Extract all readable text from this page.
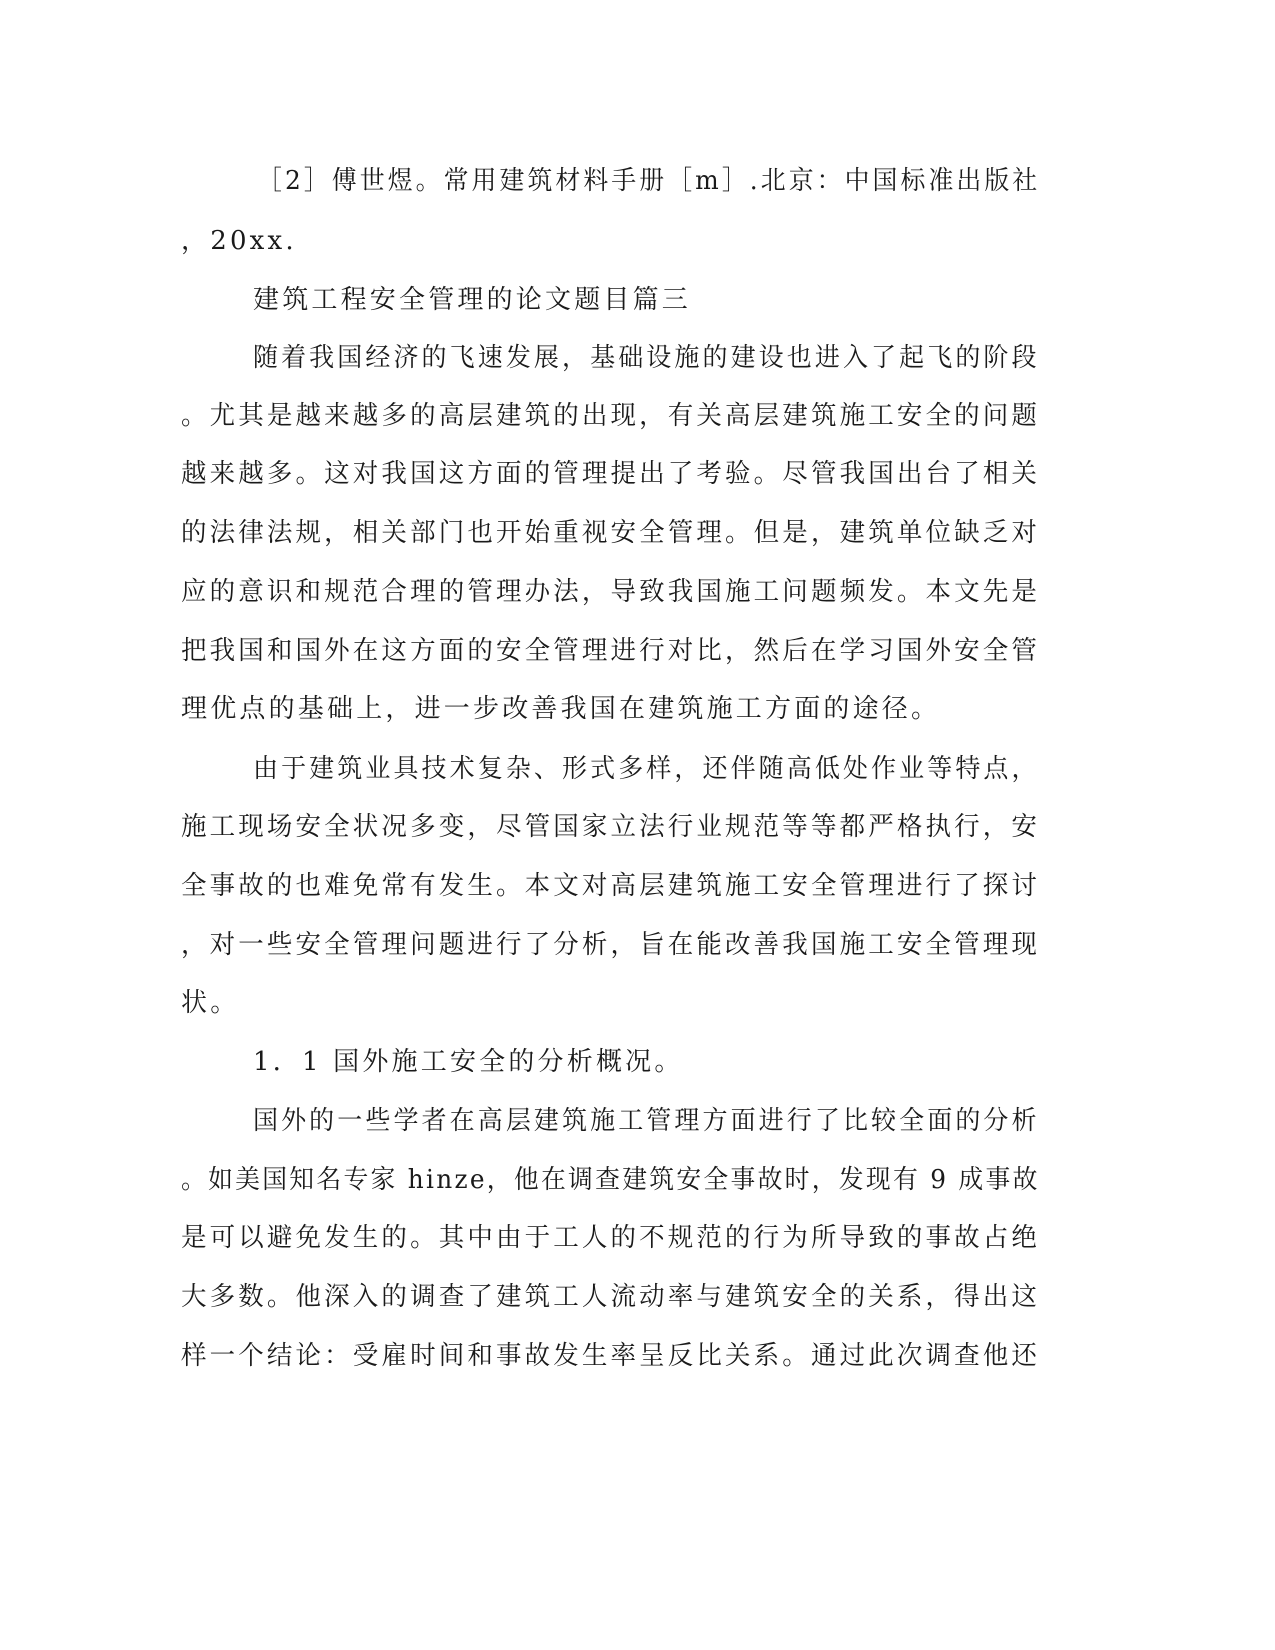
［2］傅世煜。常用建筑材料手册［m］.北京：中国标准出版社
，20xx.
建筑工程安全管理的论文题目篇三
随着我国经济的飞速发展，基础设施的建设也进入了起飞的阶段
。尤其是越来越多的高层建筑的出现，有关高层建筑施工安全的问题
越来越多。这对我国这方面的管理提出了考验。尽管我国出台了相关
的法律法规，相关部门也开始重视安全管理。但是，建筑单位缺乏对
应的意识和规范合理的管理办法，导致我国施工问题频发。本文先是
把我国和国外在这方面的安全管理进行对比，然后在学习国外安全管
理优点的基础上，进一步改善我国在建筑施工方面的途径。
由于建筑业具技术复杂、形式多样，还伴随高低处作业等特点，
施工现场安全状况多变，尽管国家立法行业规范等等都严格执行，安
全事故的也难免常有发生。本文对高层建筑施工安全管理进行了探讨
，对一些安全管理问题进行了分析，旨在能改善我国施工安全管理现
状。
1．1 国外施工安全的分析概况。
国外的一些学者在高层建筑施工管理方面进行了比较全面的分析
。如美国知名专家 hinze，他在调查建筑安全事故时，发现有 9 成事故
是可以避免发生的。其中由于工人的不规范的行为所导致的事故占绝
大多数。他深入的调查了建筑工人流动率与建筑安全的关系，得出这
样一个结论：受雇时间和事故发生率呈反比关系。通过此次调查他还
